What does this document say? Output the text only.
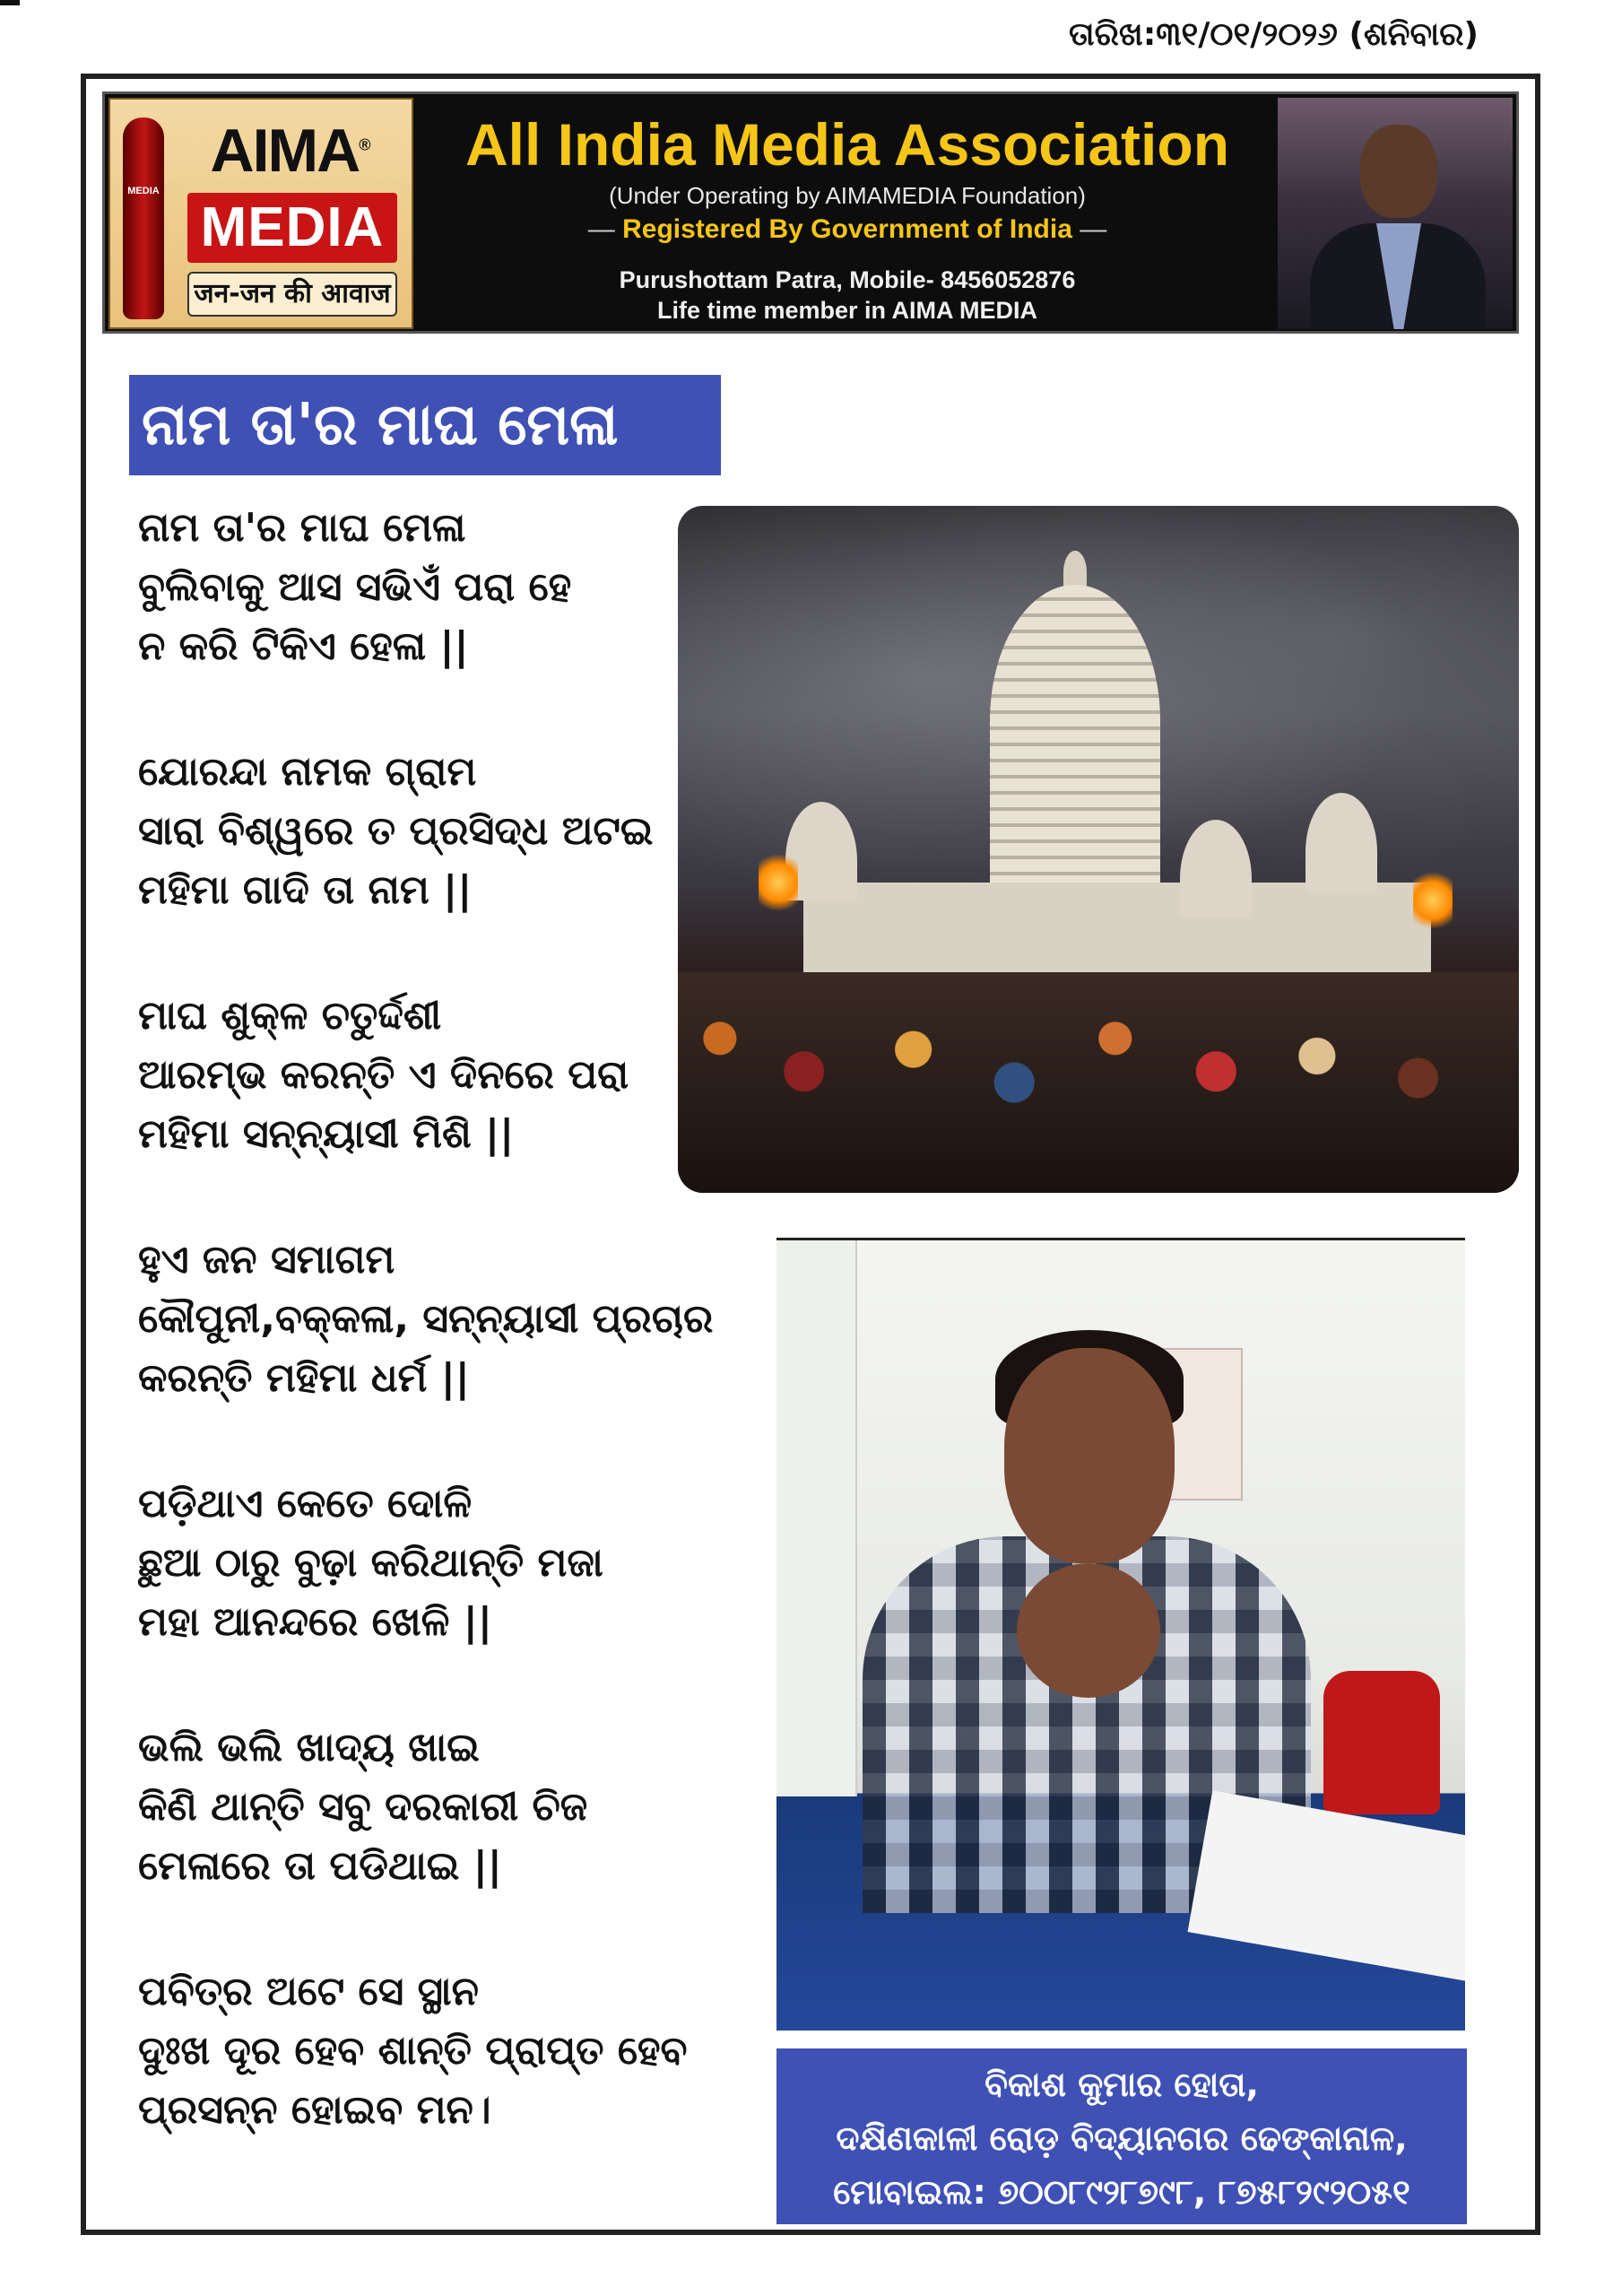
ତାରିଖ:୩୧/୦୧/୨୦୨୬ (ଶନିବାର)
MEDIA
AIMA®
MEDIA
जन-जन की आवाज
All India Media Association
(Under Operating by AIMAMEDIA Foundation)
— Registered By Government of India —
Purushottam Patra, Mobile- 8456052876
Life time member in AIMA MEDIA
ନାମ ତା'ର ମାଘ ମେଳା

ନାମ ତା'ର ମାଘ ମେଳା

ବୁଲିବାକୁ ଆସ ସଭିଏଁ ପରା ହେ

ନ କରି ଟିକିଏ ହେଳା ||

ଯୋରନ୍ଦା ନାମକ ଗ୍ରାମ

ସାରା ବିଶ୍ୱରେ ତ ପ୍ରସିଦ୍ଧ ଅଟଇ

ମହିମା ଗାଦି ତା ନାମ ||

ମାଘ ଶୁକ୍ଳ ଚତୁର୍ଦ୍ଦଶୀ

ଆରମ୍ଭ କରନ୍ତି ଏ ଦିନରେ ପରା

ମହିମା ସନ୍ନ୍ୟାସୀ ମିଶି ||

ହୁଏ ଜନ ସମାଗମ

କୌପୁନୀ,ବକ୍କଳା, ସନ୍ନ୍ୟାସୀ ପ୍ରଚାର

କରନ୍ତି ମହିମା ଧର୍ମ ||

ପଡ଼ିଥାଏ କେତେ ଦୋଳି

ଛୁଆ ଠାରୁ ବୁଢ଼ା କରିଥାନ୍ତି ମଜା

ମହା ଆନନ୍ଦରେ ଖେଳି ||

ଭଲି ଭଲି ଖାଦ୍ୟ ଖାଇ

କିଣି ଥାନ୍ତି ସବୁ ଦରକାରୀ ଚିଜ

ମେଳାରେ ତା ପଡିଥାଇ ||

ପବିତ୍ର ଅଟେ ସେ ସ୍ଥାନ

ଦୁଃଖ ଦୂର ହେବ ଶାନ୍ତି ପ୍ରାପ୍ତ ହେବ

ପ୍ରସନ୍ନ ହୋଇବ ମନ।

ବିକାଶ କୁମାର ହୋତା,
ଦକ୍ଷିଣକାଳୀ ରୋଡ଼ ବିଦ୍ୟାନଗର ଢେଙ୍କାନାଳ,
ମୋବାଇଲ: ୭୦୦୮୯୨୮୭୯୮, ୮୭୫୮୨୯୨୦୫୧
